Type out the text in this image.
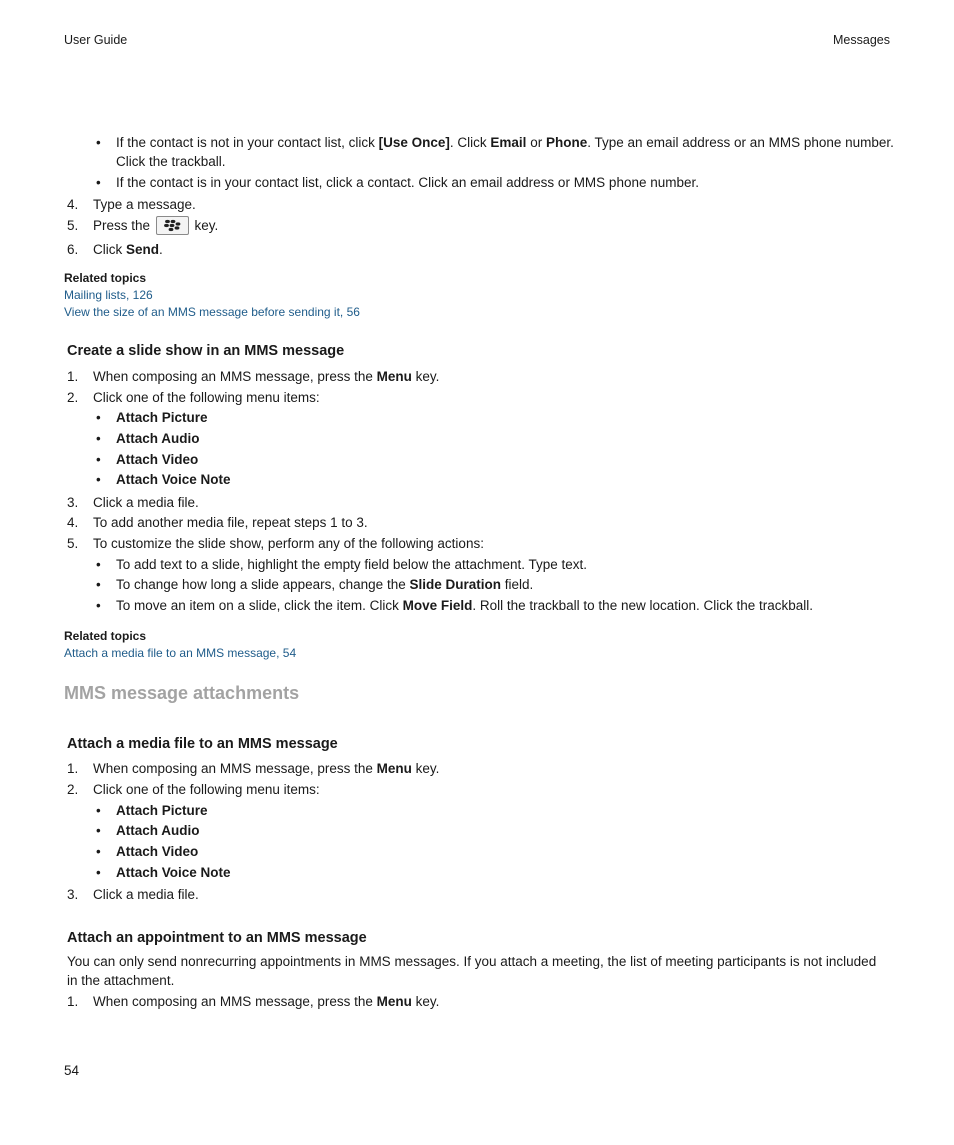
User Guide	Messages
• If the contact is not in your contact list, click [Use Once]. Click Email or Phone. Type an email address or an MMS phone number.
Click the trackball.
• If the contact is in your contact list, click a contact. Click an email address or MMS phone number.
4. Type a message.
5. Press the	key.
6. Click Send.
Related topics
Mailing lists, 126
View the size of an MMS message before sending it, 56
Create a slide show in an MMS message
1. When composing an MMS message, press the Menu key.
2. Click one of the following menu items:
• Attach Picture
• Attach Audio
• Attach Video
• Attach Voice Note
3. Click a media file.
4. To add another media file, repeat steps 1 to 3.
5. To customize the slide show, perform any of the following actions:
• To add text to a slide, highlight the empty field below the attachment. Type text.
• To change how long a slide appears, change the Slide Duration field.
• To move an item on a slide, click the item. Click Move Field. Roll the trackball to the new location. Click the trackball.
Related topics
Attach a media file to an MMS message, 54
MMS message attachments
Attach a media file to an MMS message
1. When composing an MMS message, press the Menu key.
2. Click one of the following menu items:
• Attach Picture
• Attach Audio
• Attach Video
• Attach Voice Note
3. Click a media file.
Attach an appointment to an MMS message
You can only send nonrecurring appointments in MMS messages. If you attach a meeting, the list of meeting participants is not included
in the attachment.
1. When composing an MMS message, press the Menu key.
54
